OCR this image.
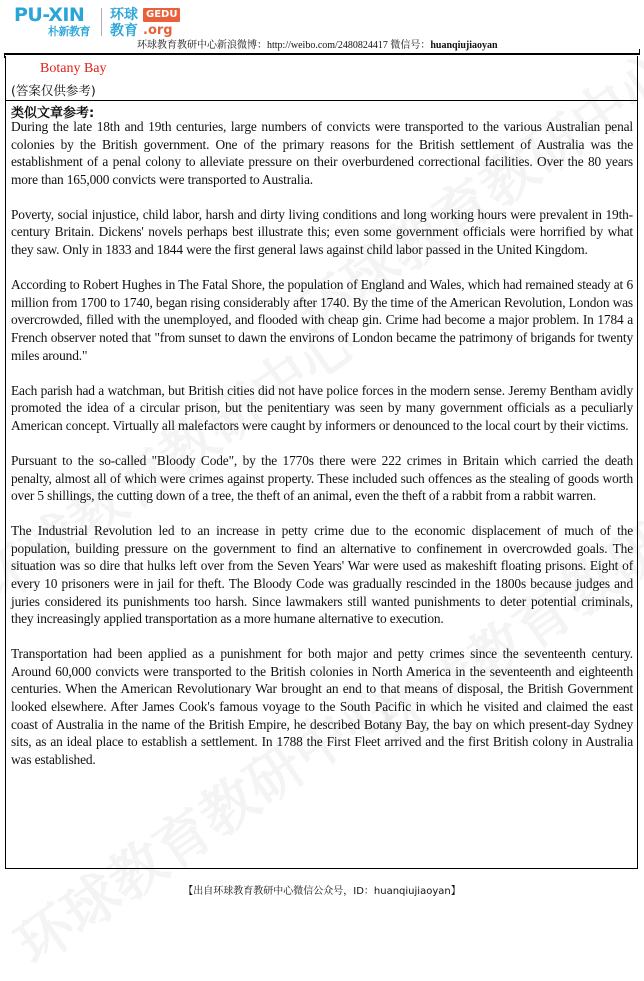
PU-XIN
朴新教育
环球
教育
GEDU
.org
环球教育教研中心新浪微博：http://weibo.com/2480824417 微信号：huanqiujiaoyan
Botany Bay
(答案仅供参考)
类似文章参考:

During the late 18th and 19th centuries, large numbers of convicts were transported to the various Australian penal colonies by the British government. One of the primary reasons for the British settlement of Australia was the establishment of a penal colony to alleviate pressure on their overburdened correctional facilities. Over the 80 years more than 165,000 convicts were transported to Australia.

Poverty, social injustice, child labor, harsh and dirty living conditions and long working hours were prevalent in 19th-century Britain. Dickens' novels perhaps best illustrate this; even some government officials were horrified by what they saw. Only in 1833 and 1844 were the first general laws against child labor passed in the United Kingdom.

According to Robert Hughes in The Fatal Shore, the population of England and Wales, which had remained steady at 6 million from 1700 to 1740, began rising considerably after 1740. By the time of the American Revolution, London was overcrowded, filled with the unemployed, and flooded with cheap gin. Crime had become a major problem. In 1784 a French observer noted that "from sunset to dawn the environs of London became the patrimony of brigands for twenty miles around."

Each parish had a watchman, but British cities did not have police forces in the modern sense. Jeremy Bentham avidly promoted the idea of a circular prison, but the penitentiary was seen by many government officials as a peculiarly American concept. Virtually all malefactors were caught by informers or denounced to the local court by their victims.

Pursuant to the so-called "Bloody Code", by the 1770s there were 222 crimes in Britain which carried the death penalty, almost all of which were crimes against property. These included such offences as the stealing of goods worth over 5 shillings, the cutting down of a tree, the theft of an animal, even the theft of a rabbit from a rabbit warren.

The Industrial Revolution led to an increase in petty crime due to the economic displacement of much of the population, building pressure on the government to find an alternative to confinement in overcrowded goals. The situation was so dire that hulks left over from the Seven Years' War were used as makeshift floating prisons. Eight of every 10 prisoners were in jail for theft. The Bloody Code was gradually rescinded in the 1800s because judges and juries considered its punishments too harsh. Since lawmakers still wanted punishments to deter potential criminals, they increasingly applied transportation as a more humane alternative to execution.

Transportation had been applied as a punishment for both major and petty crimes since the seventeenth century. Around 60,000 convicts were transported to the British colonies in North America in the seventeenth and eighteenth centuries. When the American Revolutionary War brought an end to that means of disposal, the British Government looked elsewhere. After James Cook's famous voyage to the South Pacific in which he visited and claimed the east coast of Australia in the name of the British Empire, he described Botany Bay, the bay on which present-day Sydney sits, as an ideal place to establish a settlement. In 1788 the First Fleet arrived and the first British colony in Australia was established.

【出自环球教育教研中心微信公众号，ID：huanqiujiaoyan】
